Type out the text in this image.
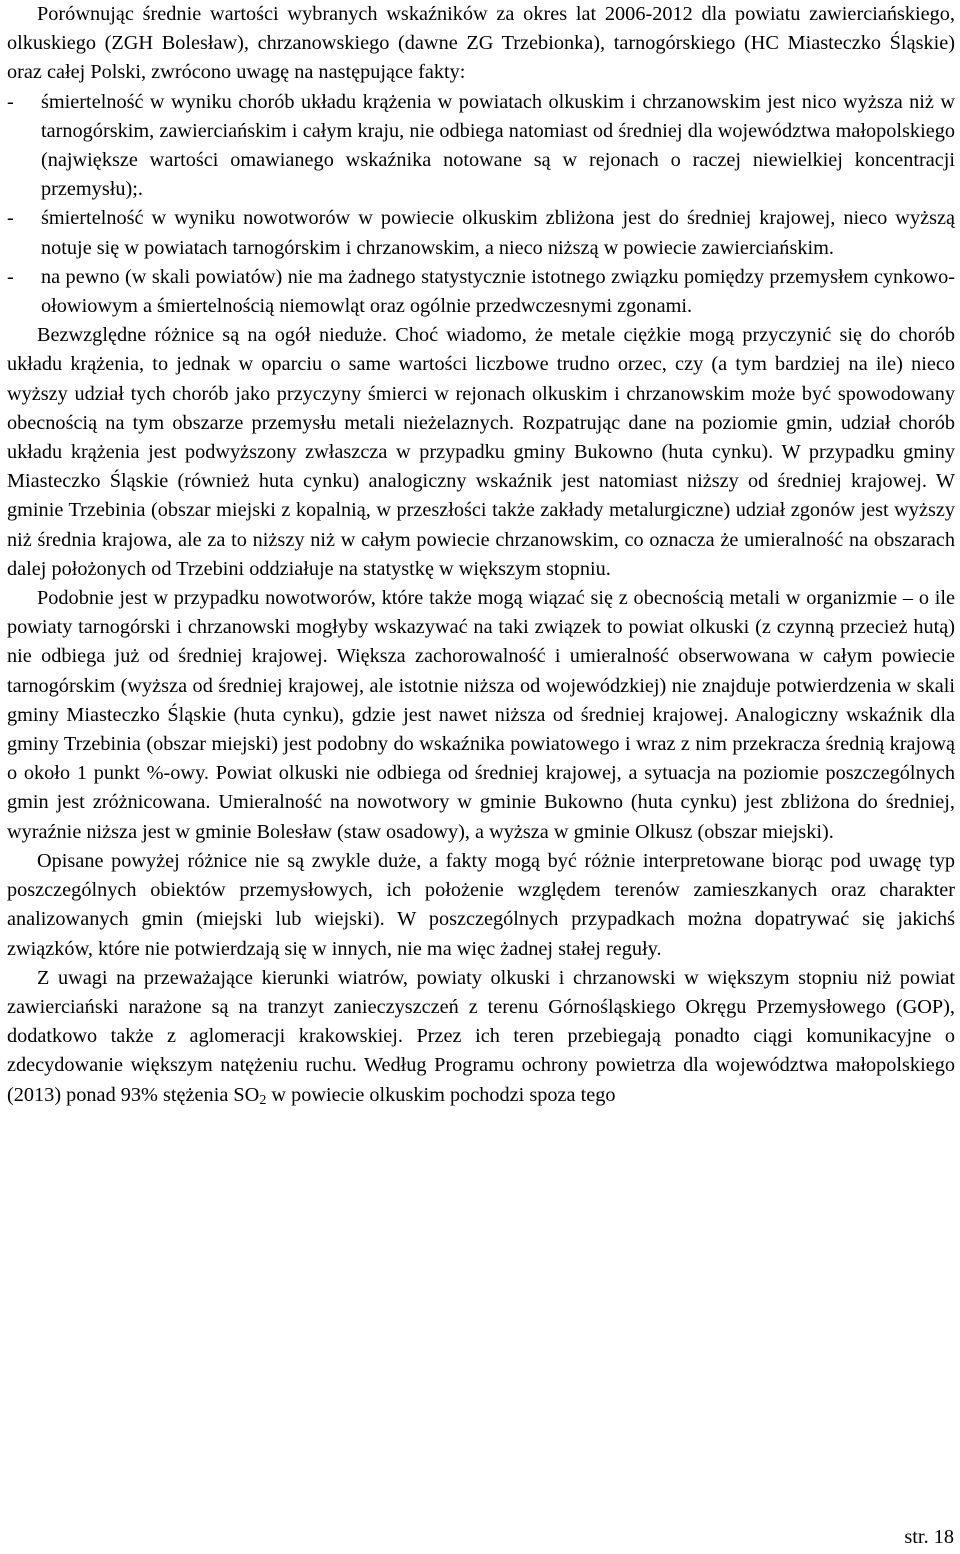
Porównując średnie wartości wybranych wskaźników za okres lat 2006-2012 dla powiatu zawierciańskiego, olkuskiego (ZGH Bolesław), chrzanowskiego (dawne ZG Trzebionka), tarnogórskiego (HC Miasteczko Śląskie) oraz całej Polski, zwrócono uwagę na następujące fakty:

-	śmiertelność w wyniku chorób układu krążenia w powiatach olkuskim i chrzanowskim jest nico wyższa niż w tarnogórskim, zawierciańskim i całym kraju, nie odbiega natomiast od średniej dla województwa małopolskiego (największe wartości omawianego wskaźnika notowane są w rejonach o raczej niewielkiej koncentracji przemysłu);.
-	śmiertelność w wyniku nowotworów w powiecie olkuskim zbliżona jest do średniej krajowej, nieco wyższą notuje się w powiatach tarnogórskim i chrzanowskim, a nieco niższą w powiecie zawierciańskim.
-	na pewno (w skali powiatów) nie ma żadnego statystycznie istotnego związku pomiędzy przemysłem cynkowo-ołowiowym a śmiertelnością niemowląt oraz ogólnie przedwczesnymi zgonami.

Bezwzględne różnice są na ogół nieduże. Choć wiadomo, że metale ciężkie mogą przyczynić się do chorób układu krążenia, to jednak w oparciu o same wartości liczbowe trudno orzec, czy (a tym bardziej na ile) nieco wyższy udział tych chorób jako przyczyny śmierci w rejonach olkuskim i chrzanowskim może być spowodowany obecnością na tym obszarze przemysłu metali nieżelaznych. Rozpatrując dane na poziomie gmin, udział chorób układu krążenia jest podwyższony zwłaszcza w przypadku gminy Bukowno (huta cynku). W przypadku gminy Miasteczko Śląskie (również huta cynku) analogiczny wskaźnik jest natomiast niższy od średniej krajowej. W gminie Trzebinia (obszar miejski z kopalnią, w przeszłości także zakłady metalurgiczne) udział zgonów jest wyższy niż średnia krajowa, ale za to niższy niż w całym powiecie chrzanowskim, co oznacza że umieralność na obszarach dalej położonych od Trzebini oddziałuje na statystkę w większym stopniu.

Podobnie jest w przypadku nowotworów, które także mogą wiązać się z obecnością metali w organizmie – o ile powiaty tarnogórski i chrzanowski mogłyby wskazywać na taki związek to powiat olkuski (z czynną przecież hutą) nie odbiega już od średniej krajowej. Większa zachorowalność i umieralność obserwowana w całym powiecie tarnogórskim (wyższa od średniej krajowej, ale istotnie niższa od wojewódzkiej) nie znajduje potwierdzenia w skali gminy Miasteczko Śląskie (huta cynku), gdzie jest nawet niższa od średniej krajowej. Analogiczny wskaźnik dla gminy Trzebinia (obszar miejski) jest podobny do wskaźnika powiatowego i wraz z nim przekracza średnią krajową o około 1 punkt %-owy. Powiat olkuski nie odbiega od średniej krajowej, a sytuacja na poziomie poszczególnych gmin jest zróżnicowana. Umieralność na nowotwory w gminie Bukowno (huta cynku) jest zbliżona do średniej, wyraźnie niższa jest w gminie Bolesław (staw osadowy), a wyższa w gminie Olkusz (obszar miejski).

Opisane powyżej różnice nie są zwykle duże, a fakty mogą być różnie interpretowane biorąc pod uwagę typ poszczególnych obiektów przemysłowych, ich położenie względem terenów zamieszkanych oraz charakter analizowanych gmin (miejski lub wiejski). W poszczególnych przypadkach można dopatrywać się jakichś związków, które nie potwierdzają się w innych, nie ma więc żadnej stałej reguły.

Z uwagi na przeważające kierunki wiatrów, powiaty olkuski i chrzanowski w większym stopniu niż powiat zawierciański narażone są na tranzyt zanieczyszczeń z terenu Górnośląskiego Okręgu Przemysłowego (GOP), dodatkowo także z aglomeracji krakowskiej. Przez ich teren przebiegają ponadto ciągi komunikacyjne o zdecydowanie większym natężeniu ruchu. Według Programu ochrony powietrza dla województwa małopolskiego (2013) ponad 93% stężenia $SO_2$ w powiecie olkuskim pochodzi spoza tego

str. 18
